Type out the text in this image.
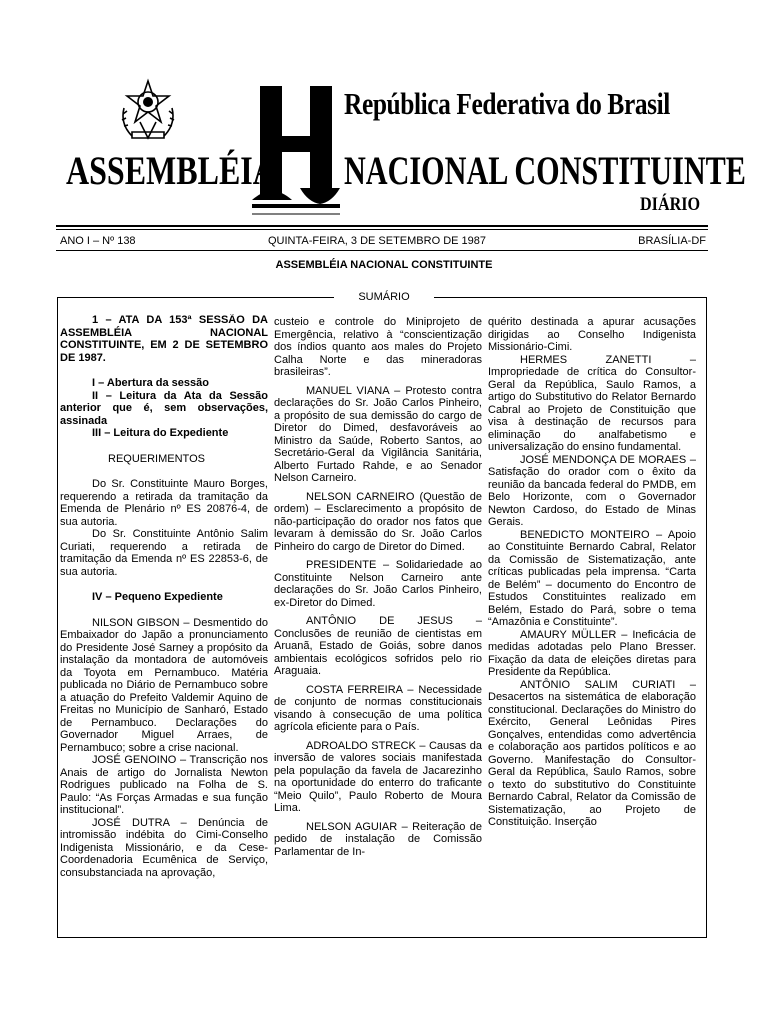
República Federativa do Brasil
ASSEMBLÉIA NACIONAL CONSTITUINTE
DIÁRIO
ANO I – Nº 138	QUINTA-FEIRA, 3 DE SETEMBRO DE 1987	BRASÍLIA-DF
ASSEMBLÉIA NACIONAL CONSTITUINTE
SUMÁRIO

1 – ATA DA 153ª SESSÃO DA ASSEMBLÉIA NACIONAL CONSTITUINTE, EM 2 DE SETEMBRO DE 1987.

I – Abertura da sessão

II – Leitura da Ata da Sessão anterior que é, sem observações, assinada

III – Leitura do Expediente

REQUERIMENTOS

Do Sr. Constituinte Mauro Borges, requerendo a retirada da tramitação da Emenda de Plenário nº ES 20876-4, de sua autoria.

Do Sr. Constituinte Antônio Salim Curiati, requerendo a retirada de tramitação da Emenda nº ES 22853-6, de sua autoria.

IV – Pequeno Expediente

NILSON GIBSON – Desmentido do Embaixador do Japão a pronunciamento do Presidente José Sarney a propósito da instalação da montadora de automóveis da Toyota em Pernambuco. Matéria publicada no Diário de Pernambuco sobre a atuação do Prefeito Valdemir Aquino de Freitas no Município de Sanharó, Estado de Pernambuco. Declarações do Governador Miguel Arraes, de Pernambuco; sobre a crise nacional.

JOSÉ GENOINO – Transcrição nos Anais de artigo do Jornalista Newton Rodrigues publicado na Folha de S. Paulo: “As Forças Armadas e sua função institucional”.

JOSÉ DUTRA – Denúncia de intromissão indébita do Cimi-Conselho Indigenista Missionário, e da Cese-Coordenadoria Ecumênica de Serviço, consubstanciada na aprovação,

custeio e controle do Miniprojeto de Emergência, relativo à “conscientização dos índios quanto aos males do Projeto Calha Norte e das mineradoras brasileiras”.

MANUEL VIANA – Protesto contra declarações do Sr. João Carlos Pinheiro, a propósito de sua demissão do cargo de Diretor do Dimed, desfavoráveis ao Ministro da Saúde, Roberto Santos, ao Secretário-Geral da Vigilância Sanitária, Alberto Furtado Rahde, e ao Senador Nelson Carneiro.

NELSON CARNEIRO (Questão de ordem) – Esclarecimento a propósito de não-participação do orador nos fatos que levaram à demissão do Sr. João Carlos Pinheiro do cargo de Diretor do Dimed.

PRESIDENTE – Solidariedade ao Constituinte Nelson Carneiro ante declarações do Sr. João Carlos Pinheiro, ex-Diretor do Dimed.

ANTÔNIO DE JESUS – Conclusões de reunião de cientistas em Aruanã, Estado de Goiás, sobre danos ambientais ecológicos sofridos pelo rio Araguaia.

COSTA FERREIRA – Necessidade de conjunto de normas constitucionais visando à consecução de uma política agrícola eficiente para o País.

ADROALDO STRECK – Causas da inversão de valores sociais manifestada pela população da favela de Jacarezinho na oportunidade do enterro do traficante “Meio Quilo”, Paulo Roberto de Moura Lima.

NELSON AGUIAR – Reiteração de pedido de instalação de Comissão Parlamentar de In-

quérito destinada a apurar acusações dirigidas ao Conselho Indigenista Missionário-Cimi.

HERMES ZANETTI – Impropriedade de crítica do Consultor-Geral da República, Saulo Ramos, a artigo do Substitutivo do Relator Bernardo Cabral ao Projeto de Constituição que visa à destinação de recursos para eliminação do analfabetismo e universalização do ensino fundamental.

JOSÉ MENDONÇA DE MORAES – Satisfação do orador com o êxito da reunião da bancada federal do PMDB, em Belo Horizonte, com o Governador Newton Cardoso, do Estado de Minas Gerais.

BENEDICTO MONTEIRO – Apoio ao Constituinte Bernardo Cabral, Relator da Comissão de Sistematização, ante críticas publicadas pela imprensa. “Carta de Belém” – documento do Encontro de Estudos Constituintes realizado em Belém, Estado do Pará, sobre o tema “Amazônia e Constituinte”.

AMAURY MÜLLER – Ineficácia de medidas adotadas pelo Plano Bresser. Fixação da data de eleições diretas para Presidente da República.

ANTÔNIO SALIM CURIATI – Desacertos na sistemática de elaboração constitucional. Declarações do Ministro do Exército, General Leônidas Pires Gonçalves, entendidas como advertência e colaboração aos partidos políticos e ao Governo. Manifestação do Consultor-Geral da República, Saulo Ramos, sobre o texto do substitutivo do Constituinte Bernardo Cabral, Relator da Comissão de Sistematização, ao Projeto de Constituição. Inserção
